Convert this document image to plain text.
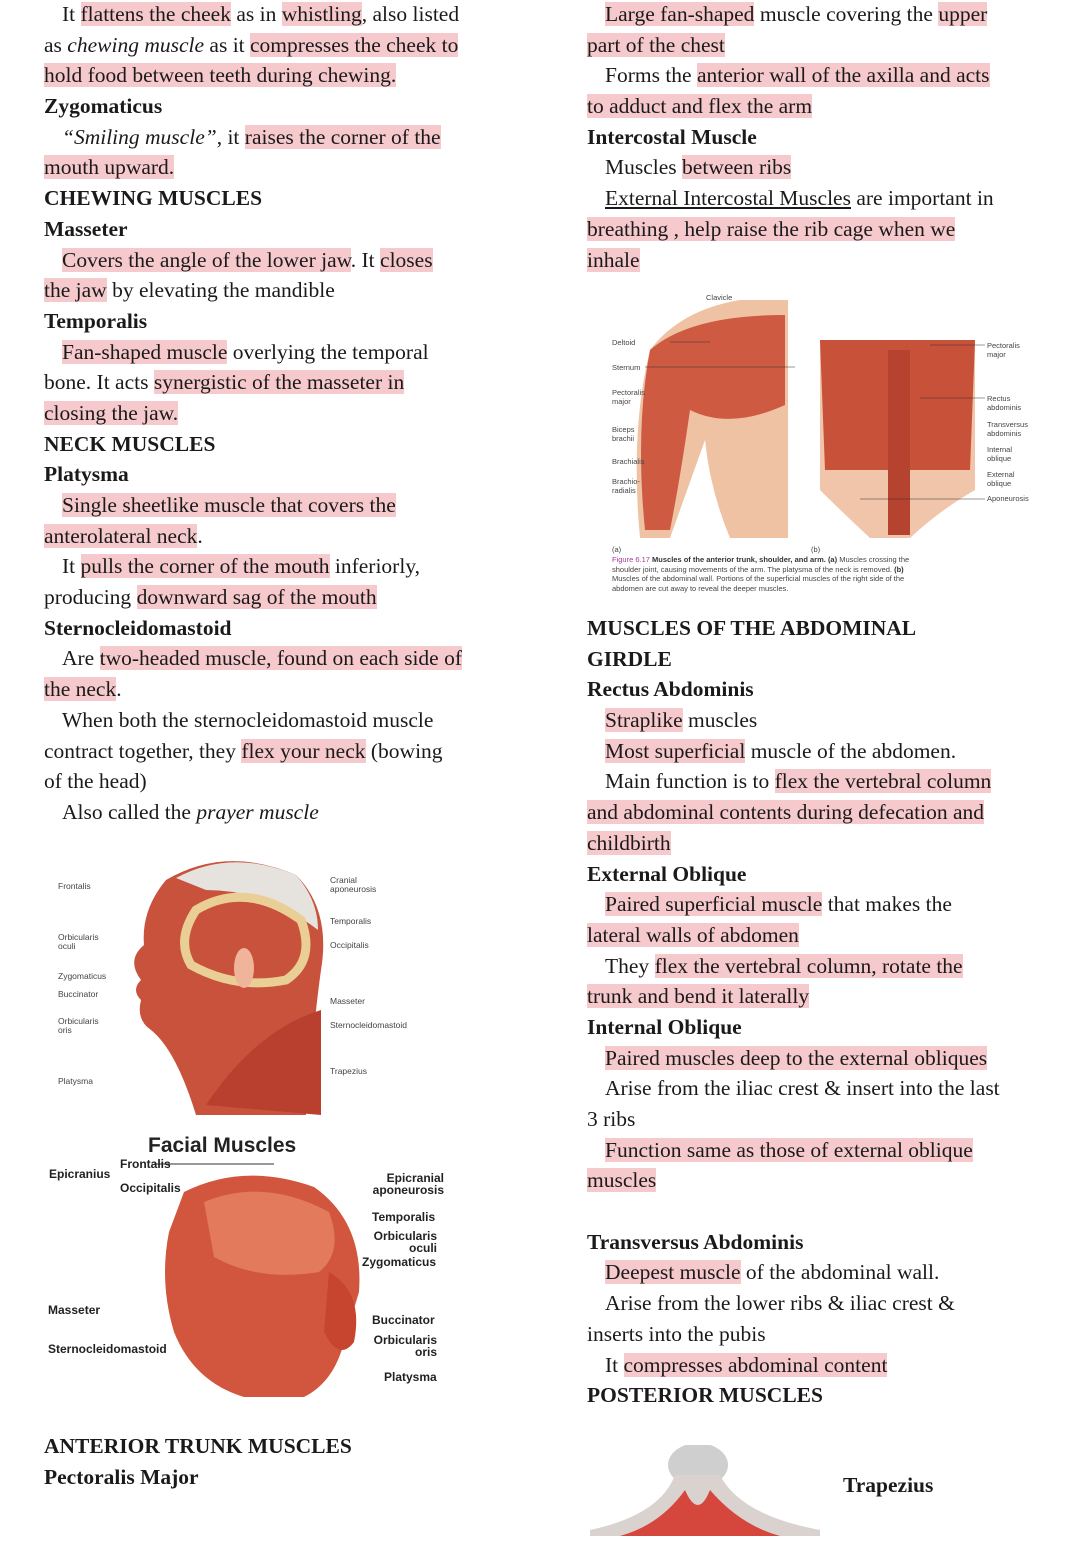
It flattens the cheek as in whistling, also listed
as chewing muscle as it compresses the cheek to
hold food between teeth during chewing.
Zygomaticus
“Smiling muscle”, it raises the corner of the
mouth upward.
CHEWING MUSCLES
Masseter
Covers the angle of the lower jaw. It closes
the jaw by elevating the mandible
Temporalis
Fan-shaped muscle overlying the temporal
bone. It acts synergistic of the masseter in
closing the jaw.
NECK MUSCLES
Platysma
Single sheetlike muscle that covers the
anterolateral neck.
It pulls the corner of the mouth inferiorly,
producing downward sag of the mouth
Sternocleidomastoid
Are two-headed muscle, found on each side of
the neck.
When both the sternocleidomastoid muscle
contract together, they flex your neck (bowing
of the head)
Also called the prayer muscle
Frontalis
Orbicularis oculi
Zygomaticus
Buccinator
Orbicularis oris
Platysma
Cranial aponeurosis
Temporalis
Occipitalis
Masseter
Sternocleidomastoid
Trapezius
Facial Muscles
Epicranius
Frontalis
Occipitalis
Masseter
Sternocleidomastoid
Epicranial aponeurosis
Temporalis
Orbicularis oculi
Zygomaticus
Buccinator
Orbicularis oris
Platysma
ANTERIOR TRUNK MUSCLES
Pectoralis Major
Large fan-shaped muscle covering the upper
part of the chest
Forms the anterior wall of the axilla and acts
to adduct and flex the arm
Intercostal Muscle
Muscles between ribs
External Intercostal Muscles are important in
breathing , help raise the rib cage when we
inhale
Clavicle
Deltoid
Sternum
Pectoralis major
Biceps brachii
Brachialis
Brachio- radialis
Pectoralis major
Rectus abdominis
Transversus abdominis
Internal oblique
External oblique
Aponeurosis
(a)	(b)
Figure 6.17 Muscles of the anterior trunk, shoulder, and arm. (a) Muscles crossing the shoulder joint, causing movements of the arm. The platysma of the neck is removed. (b) Muscles of the abdominal wall. Portions of the superficial muscles of the right side of the abdomen are cut away to reveal the deeper muscles.
MUSCLES OF THE ABDOMINAL
GIRDLE
Rectus Abdominis
Straplike muscles
Most superficial muscle of the abdomen.
Main function is to flex the vertebral column
and abdominal contents during defecation and
childbirth
External Oblique
Paired superficial muscle that makes the
lateral walls of abdomen
They flex the vertebral column, rotate the
trunk and bend it laterally
Internal Oblique
Paired muscles deep to the external obliques
Arise from the iliac crest & insert into the last
3 ribs
Function same as those of external oblique
muscles
Transversus Abdominis
Deepest muscle of the abdominal wall.
Arise from the lower ribs & iliac crest &
inserts into the pubis
It compresses abdominal content
POSTERIOR MUSCLES
Trapezius
